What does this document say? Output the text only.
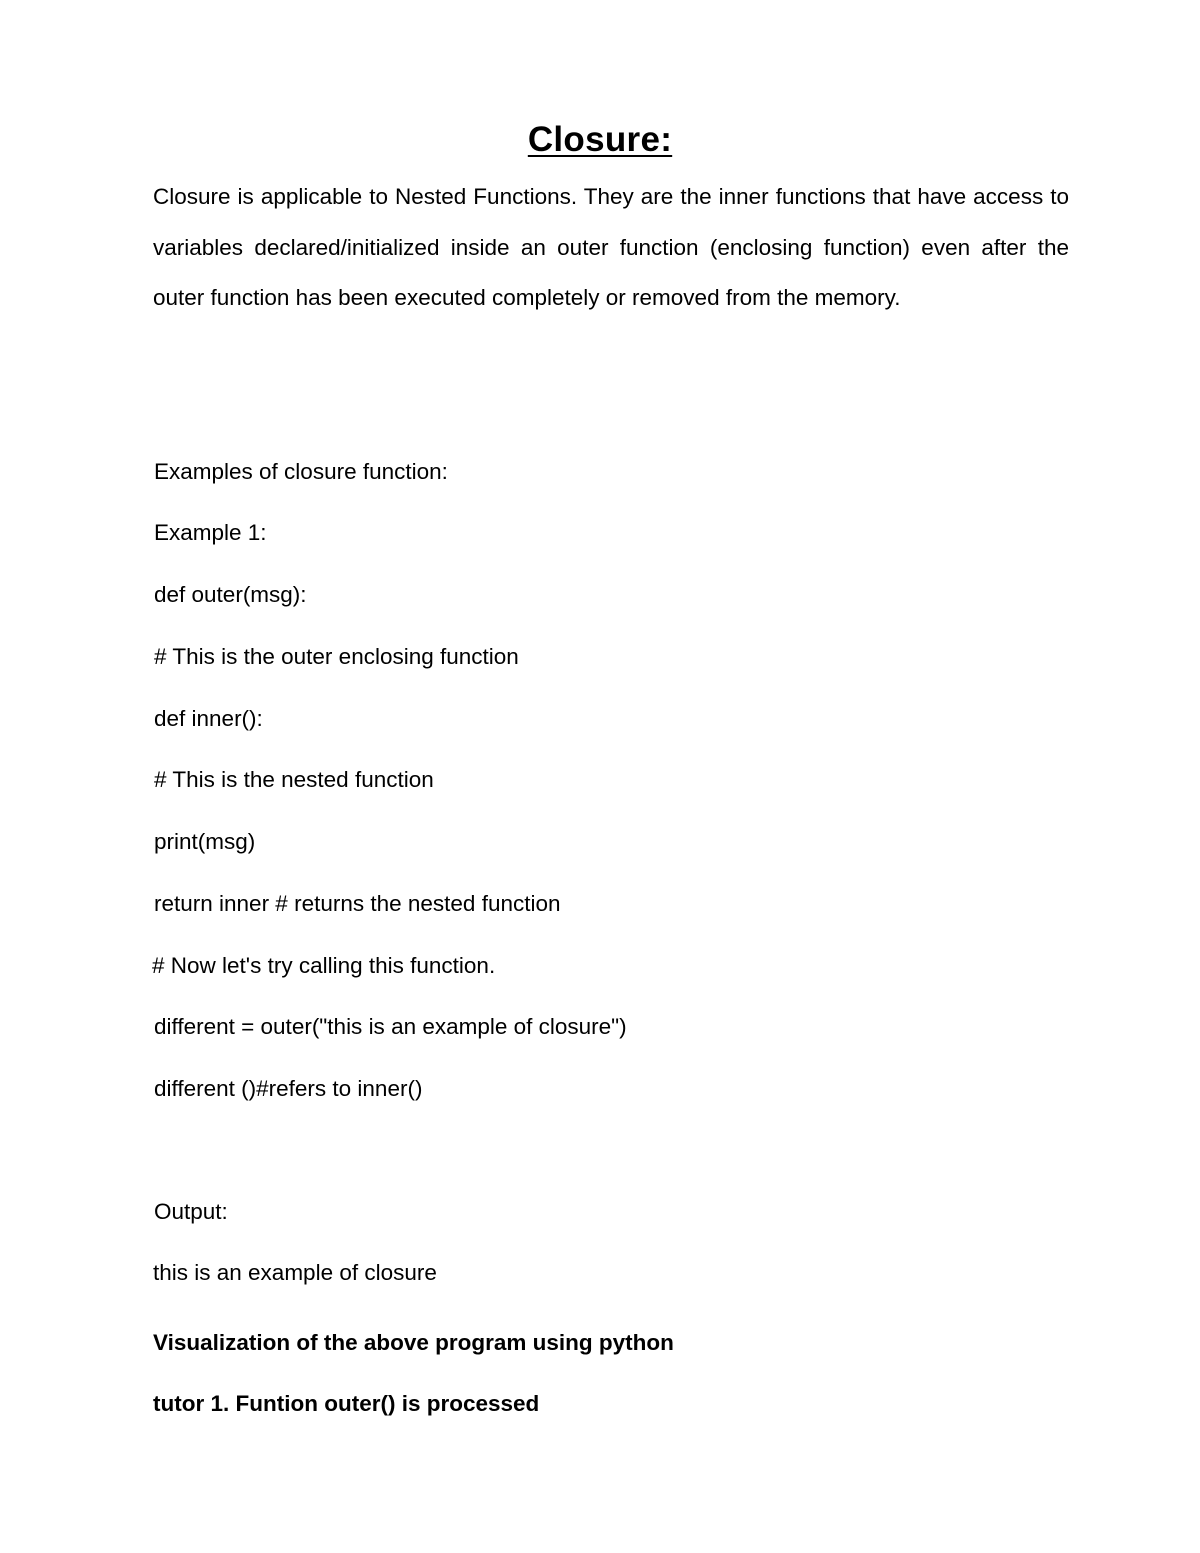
Closure:

Closure is applicable to Nested Functions. They are the inner functions that have access to variables declared/initialized inside an outer function (enclosing function) even after the outer function has been executed completely or removed from the memory.

Examples of closure function:

Example 1:

def outer(msg):

# This is the outer enclosing function

def inner():

# This is the nested function

print(msg)

return inner # returns the nested function

# Now let's try calling this function.

different = outer("this is an example of closure")

different ()#refers to inner()

Output:

this is an example of closure

Visualization of the above program using python

tutor 1. Funtion outer() is processed
